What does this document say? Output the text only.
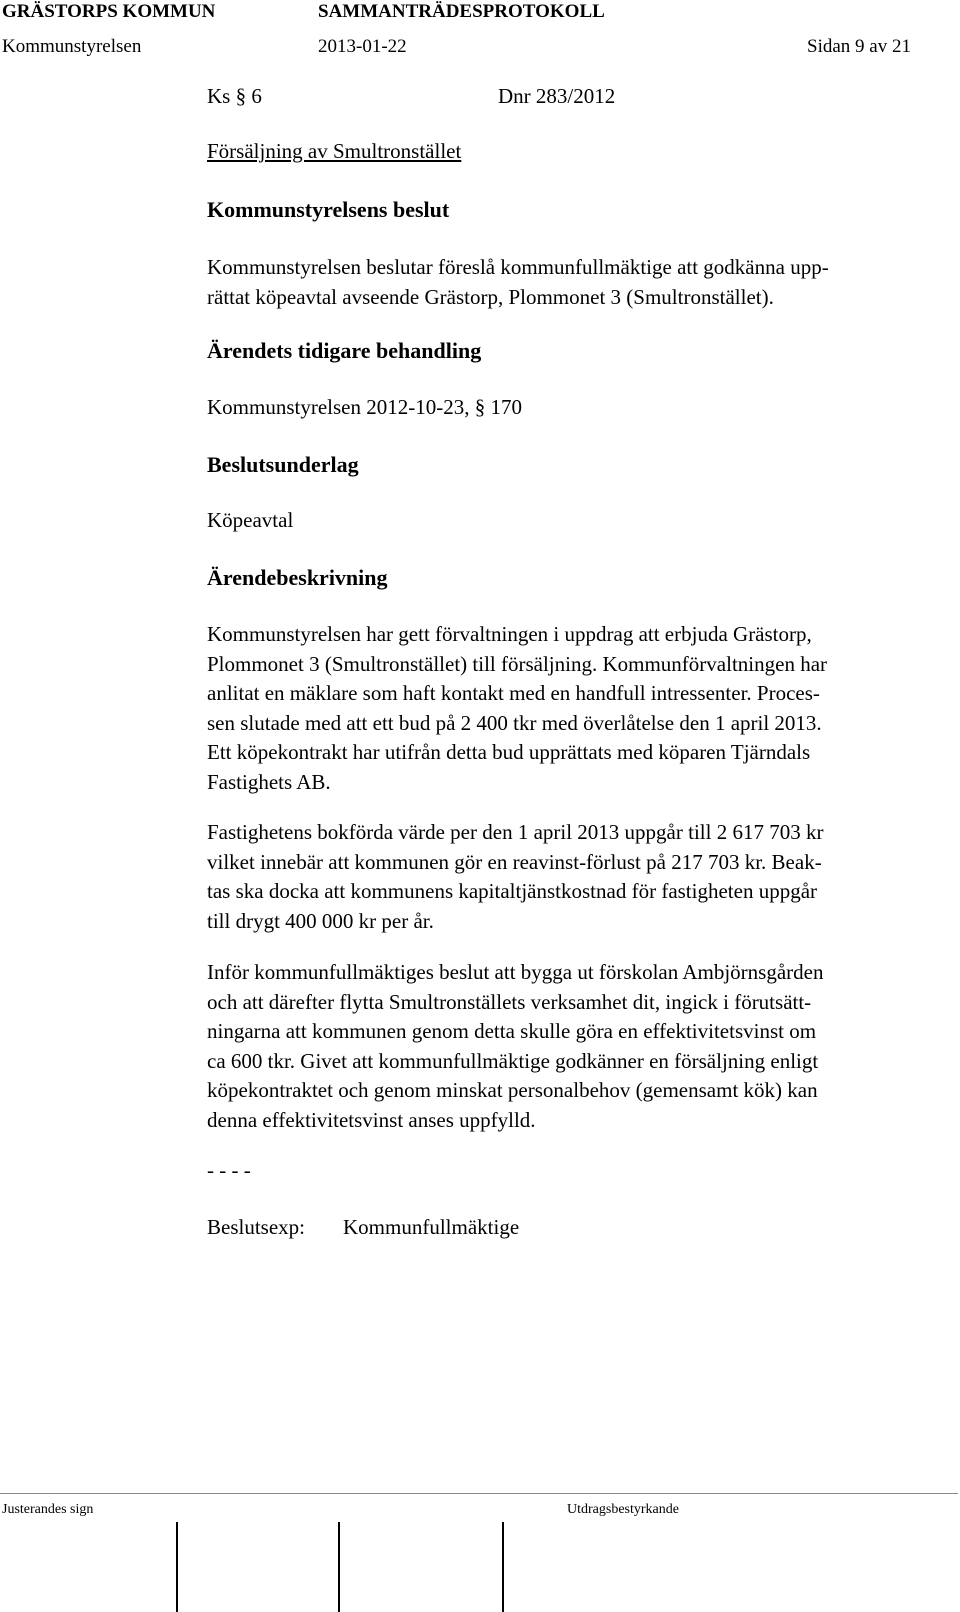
GRÄSTORPS KOMMUN	SAMMANTRÄDESPROTOKOLL
Kommunstyrelsen	2013-01-22	Sidan 9 av 21
Ks § 6	Dnr 283/2012
Försäljning av Smultronstället
Kommunstyrelsens beslut
Kommunstyrelsen beslutar föreslå kommunfullmäktige att godkänna upp-
rättat köpeavtal avseende Grästorp, Plommonet 3 (Smultronstället).
Ärendets tidigare behandling
Kommunstyrelsen 2012-10-23, § 170
Beslutsunderlag
Köpeavtal
Ärendebeskrivning
Kommunstyrelsen har gett förvaltningen i uppdrag att erbjuda Grästorp,
Plommonet 3 (Smultronstället) till försäljning. Kommunförvaltningen har
anlitat en mäklare som haft kontakt med en handfull intressenter. Proces-
sen slutade med att ett bud på 2 400 tkr med överlåtelse den 1 april 2013.
Ett köpekontrakt har utifrån detta bud upprättats med köparen Tjärndals
Fastighets AB.
Fastighetens bokförda värde per den 1 april 2013 uppgår till 2 617 703 kr
vilket innebär att kommunen gör en reavinst-förlust på 217 703 kr. Beak-
tas ska docka att kommunens kapitaltjänstkostnad för fastigheten uppgår
till drygt 400 000 kr per år.
Inför kommunfullmäktiges beslut att bygga ut förskolan Ambjörnsgården
och att därefter flytta Smultronställets verksamhet dit, ingick i förutsätt-
ningarna att kommunen genom detta skulle göra en effektivitetsvinst om
ca 600 tkr. Givet att kommunfullmäktige godkänner en försäljning enligt
köpekontraktet och genom minskat personalbehov (gemensamt kök) kan
denna effektivitetsvinst anses uppfylld.
- - - -
Beslutsexp: Kommunfullmäktige
Justerandes sign	Utdragsbestyrkande
